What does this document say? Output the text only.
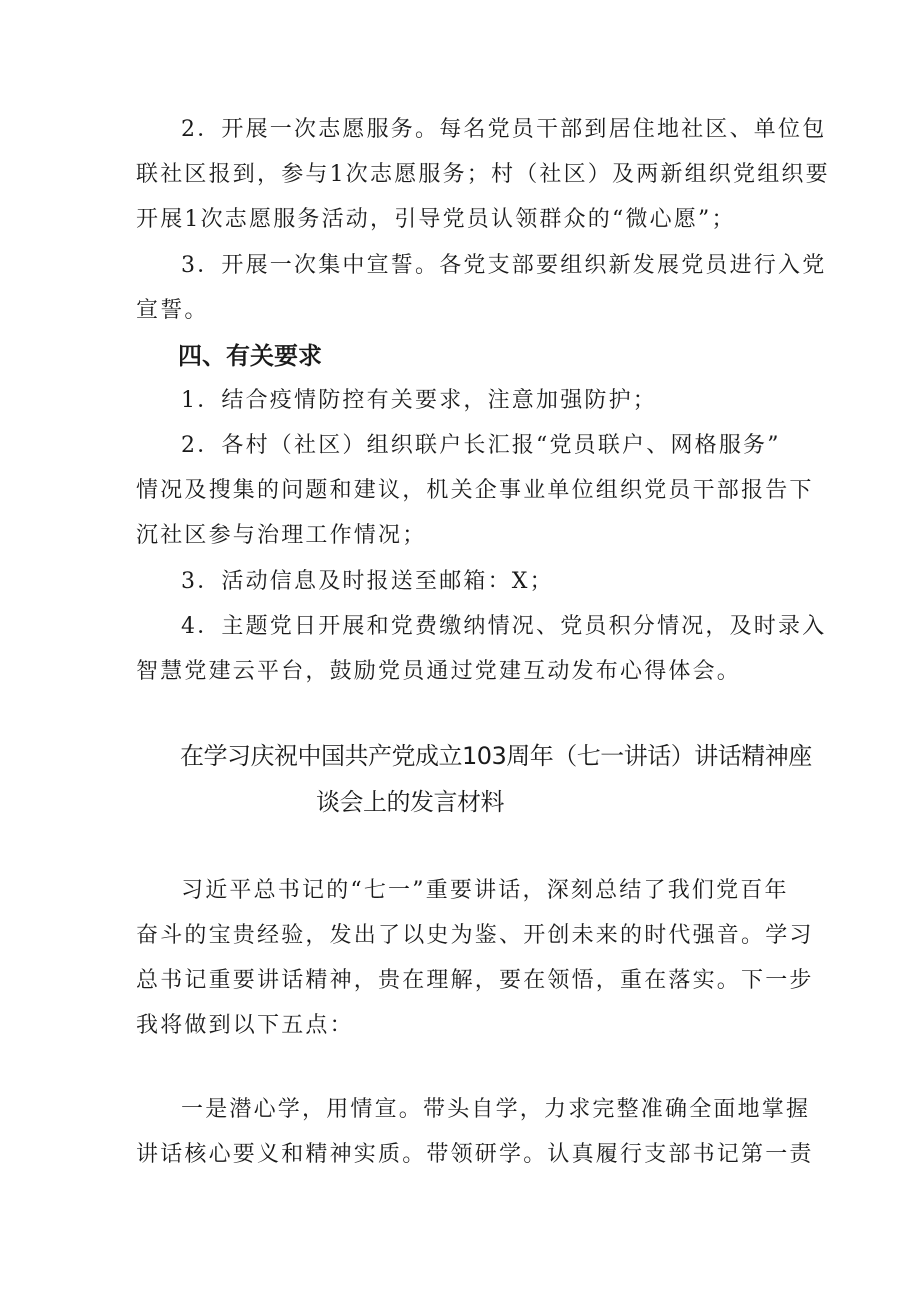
2．开展一次志愿服务。每名党员干部到居住地社区、单位包
联社区报到，参与1次志愿服务；村（社区）及两新组织党组织要
开展1次志愿服务活动，引导党员认领群众的“微心愿”；
3．开展一次集中宣誓。各党支部要组织新发展党员进行入党
宣誓。
四、有关要求
1．结合疫情防控有关要求，注意加强防护；
2．各村（社区）组织联户长汇报“党员联户、网格服务”
情况及搜集的问题和建议，机关企事业单位组织党员干部报告下
沉社区参与治理工作情况；
3．活动信息及时报送至邮箱：X；
4．主题党日开展和党费缴纳情况、党员积分情况，及时录入
智慧党建云平台，鼓励党员通过党建互动发布心得体会。
在学习庆祝中国共产党成立103周年（七一讲话）讲话精神座
谈会上的发言材料
习近平总书记的“七一”重要讲话，深刻总结了我们党百年
奋斗的宝贵经验，发出了以史为鉴、开创未来的时代强音。学习
总书记重要讲话精神，贵在理解，要在领悟，重在落实。下一步
我将做到以下五点：
一是潜心学，用情宣。带头自学，力求完整准确全面地掌握
讲话核心要义和精神实质。带领研学。认真履行支部书记第一责
